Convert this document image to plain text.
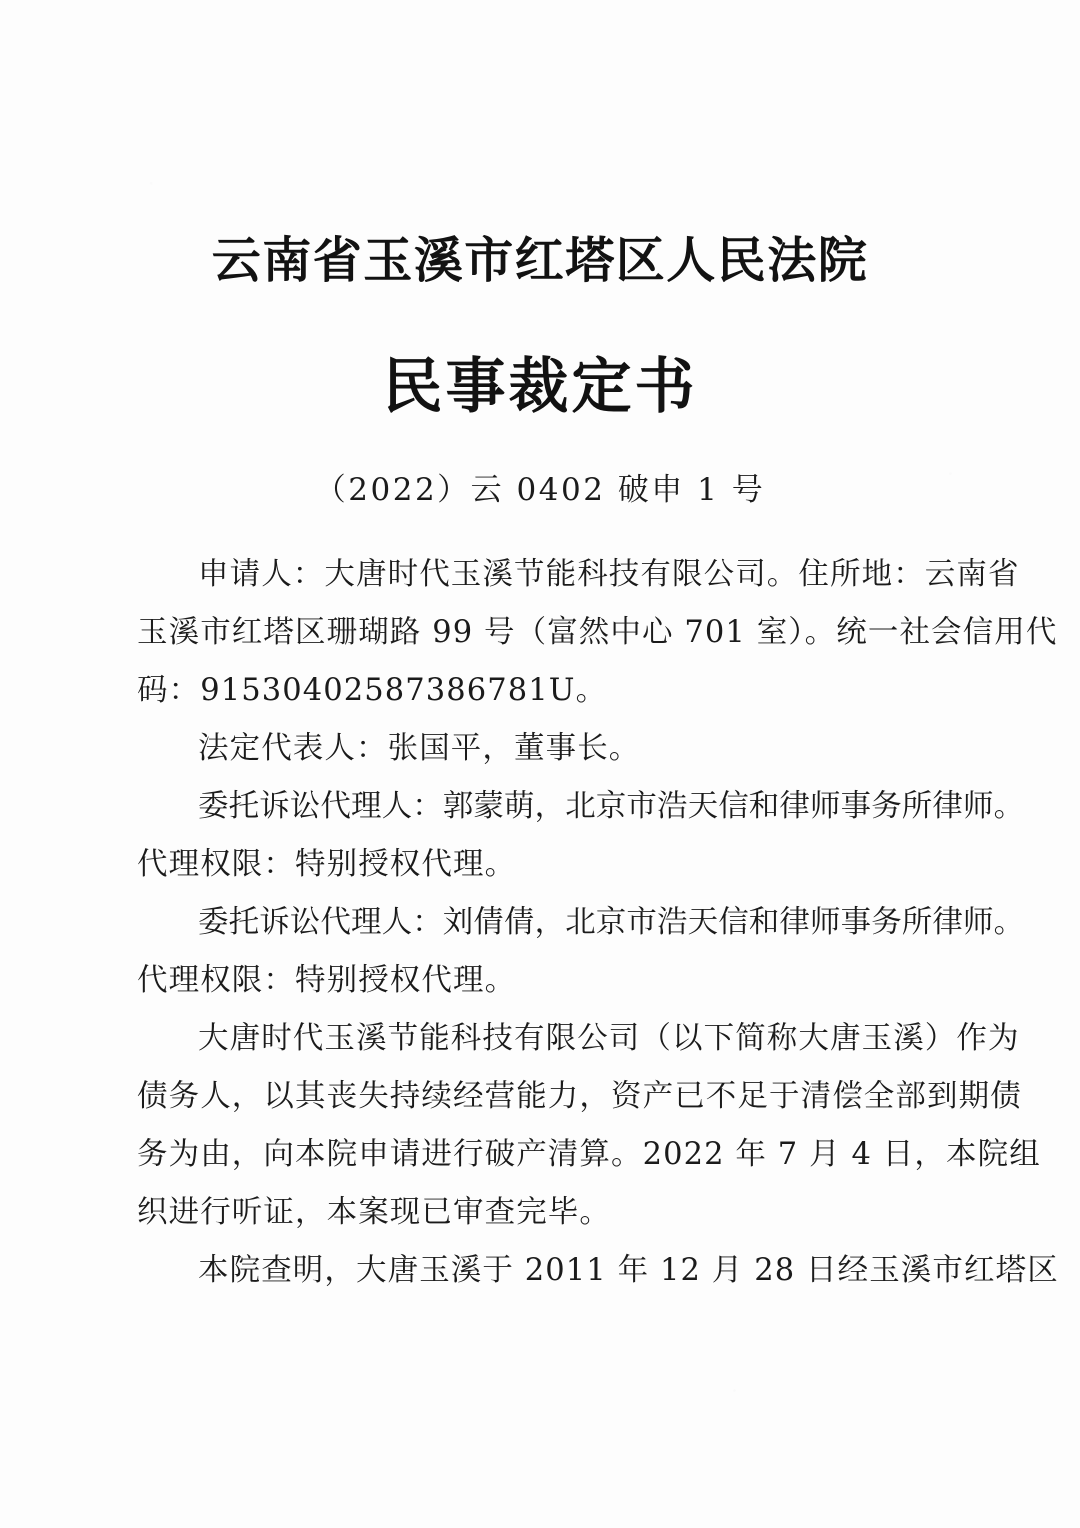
云南省玉溪市红塔区人民法院
民事裁定书
（2022）云 0402 破申 1 号
申请人：大唐时代玉溪节能科技有限公司。住所地：云南省
玉溪市红塔区珊瑚路 99 号（富然中心 701 室）。统一社会信用代
码：91530402587386781U。
法定代表人：张国平，董事长。
委托诉讼代理人：郭蒙萌，北京市浩天信和律师事务所律师。
代理权限：特别授权代理。
委托诉讼代理人：刘倩倩，北京市浩天信和律师事务所律师。
代理权限：特别授权代理。
大唐时代玉溪节能科技有限公司（以下简称大唐玉溪）作为
债务人，以其丧失持续经营能力，资产已不足于清偿全部到期债
务为由，向本院申请进行破产清算。2022 年 7 月 4 日，本院组
织进行听证，本案现已审查完毕。
本院查明，大唐玉溪于 2011 年 12 月 28 日经玉溪市红塔区
